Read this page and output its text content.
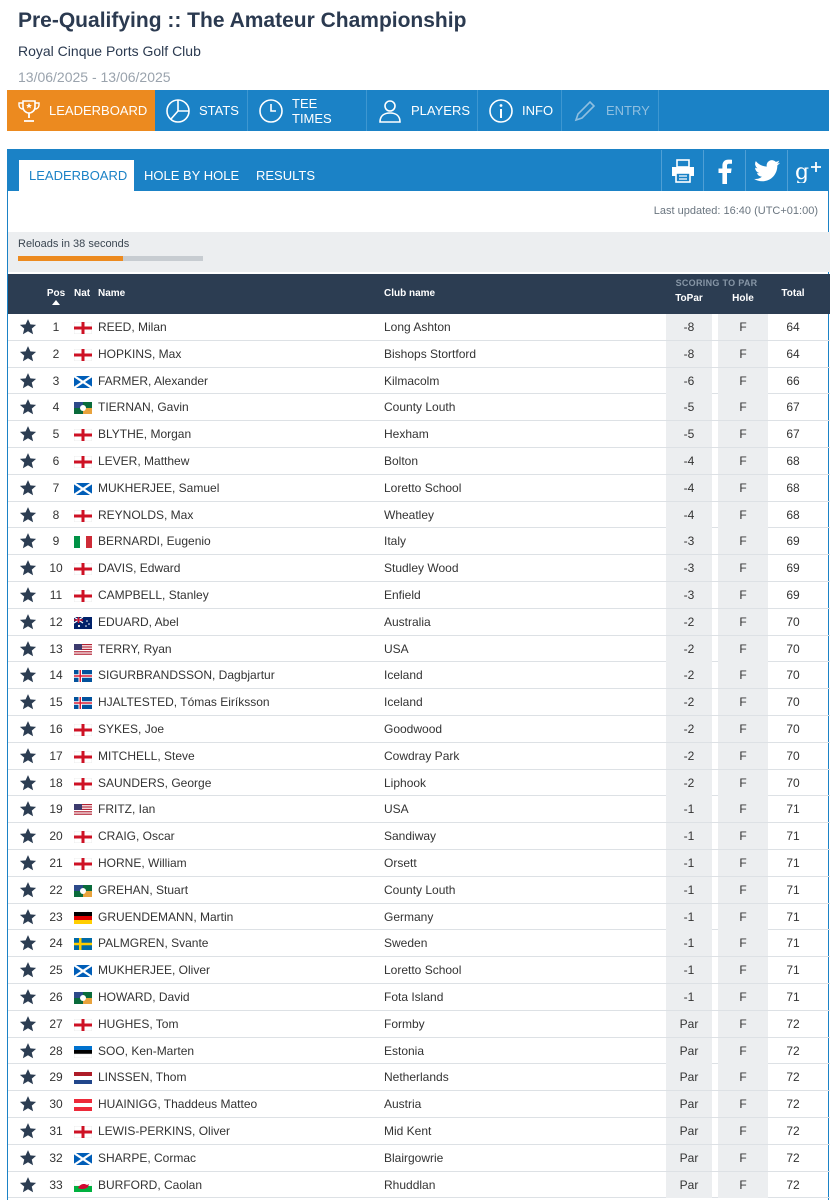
Pre-Qualifying :: The Amateur Championship
Royal Cinque Ports Golf Club
13/06/2025 - 13/06/2025
LEADERBOARD	STATS	TEE TIMES	PLAYERS	INFO	ENTRY
LEADERBOARD	HOLE BY HOLE RESULTS	g
Last updated: 16:40 (UTC+01:00)
Reloads in 38 seconds
Pos Nat Name	Club name
SCORING TO PAR
ToPar	Hole	Total
1	REED, Milan	Long Ashton	-8	F	64
2	HOPKINS, Max	Bishops Stortford	-8	F	64
3	FARMER, Alexander	Kilmacolm	-6	F	66
4	TIERNAN, Gavin	County Louth	-5	F	67
5	BLYTHE, Morgan	Hexham	-5	F	67
6	LEVER, Matthew	Bolton	-4	F	68
7	MUKHERJEE, Samuel	Loretto School	-4	F	68
8	REYNOLDS, Max	Wheatley	-4	F	68
9	BERNARDI, Eugenio	Italy	-3	F	69
10	DAVIS, Edward	Studley Wood	-3	F	69
11	CAMPBELL, Stanley	Enfield	-3	F	69
12	EDUARD, Abel	Australia	-2	F	70
13	TERRY, Ryan	USA	-2	F	70
14	SIGURBRANDSSON, Dagbjartur	Iceland	-2	F	70
15	HJALTESTED, Tómas Eiríksson	Iceland	-2	F	70
16	SYKES, Joe	Goodwood	-2	F	70
17	MITCHELL, Steve	Cowdray Park	-2	F	70
18	SAUNDERS, George	Liphook	-2	F	70
19	FRITZ, Ian	USA	-1	F	71
20	CRAIG, Oscar	Sandiway	-1	F	71
21	HORNE, William	Orsett	-1	F	71
22	GREHAN, Stuart	County Louth	-1	F	71
23	GRUENDEMANN, Martin	Germany	-1	F	71
24	PALMGREN, Svante	Sweden	-1	F	71
25	MUKHERJEE, Oliver	Loretto School	-1	F	71
26	HOWARD, David	Fota Island	-1	F	71
27	HUGHES, Tom	Formby	Par	F	72
28	SOO, Ken-Marten	Estonia	Par	F	72
29	LINSSEN, Thom	Netherlands	Par	F	72
30	HUAINIGG, Thaddeus Matteo	Austria	Par	F	72
31	LEWIS-PERKINS, Oliver	Mid Kent	Par	F	72
32	SHARPE, Cormac	Blairgowrie	Par	F	72
33	BURFORD, Caolan	Rhuddlan	Par	F	72
